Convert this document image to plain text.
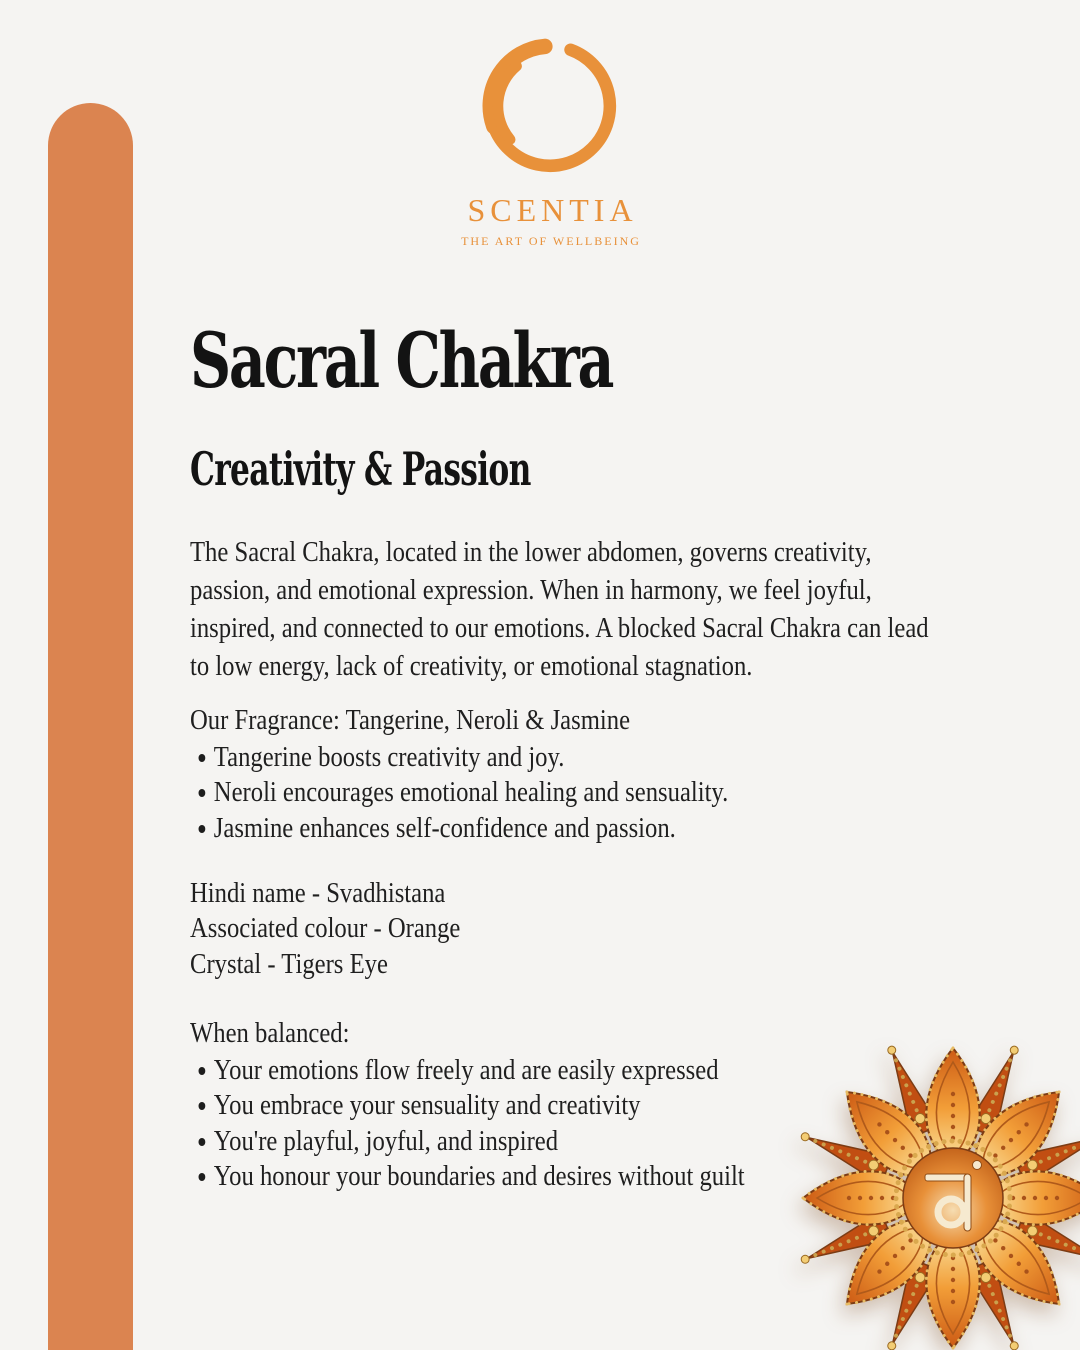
SCENTIA
THE ART OF WELLBEING
Sacral Chakra
Creativity & Passion
The Sacral Chakra, located in the lower abdomen, governs creativity,
passion, and emotional expression. When in harmony, we feel joyful,
inspired, and connected to our emotions. A blocked Sacral Chakra can lead
to low energy, lack of creativity, or emotional stagnation.
Our Fragrance: Tangerine, Neroli & Jasmine
Tangerine boosts creativity and joy.
Neroli encourages emotional healing and sensuality.
Jasmine enhances self-confidence and passion.
Hindi name - Svadhistana
Associated colour - Orange
Crystal - Tigers Eye
When balanced:
Your emotions flow freely and are easily expressed
You embrace your sensuality and creativity
You're playful, joyful, and inspired
You honour your boundaries and desires without guilt
